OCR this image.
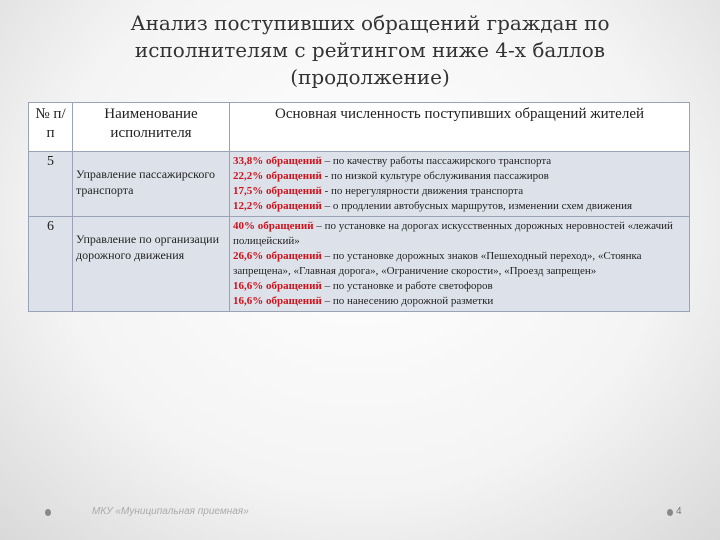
Анализ поступивших обращений граждан по исполнителям с рейтингом ниже 4-х баллов (продолжение)
№ п/п	Наименование исполнителя	Основная численность поступивших обращений жителей
5	Управление пассажирского транспорта	33,8% обращений – по качеству работы пассажирского транспорта
22,2% обращений - по низкой культуре обслуживания пассажиров
17,5% обращений - по нерегулярности движения транспорта
12,2% обращений – о продлении автобусных маршрутов, изменении схем движения

6	Управление по организации дорожного движения	40% обращений – по установке на дорогах искусственных дорожных неровностей «лежачий полицейский»
26,6% обращений – по установке дорожных знаков «Пешеходный переход», «Стоянка запрещена», «Главная дорога», «Ограничение скорости», «Проезд запрещен»
16,6% обращений – по установке и работе светофоров
16,6% обращений – по нанесению дорожной разметки
МКУ «Муниципальная приемная»	4
